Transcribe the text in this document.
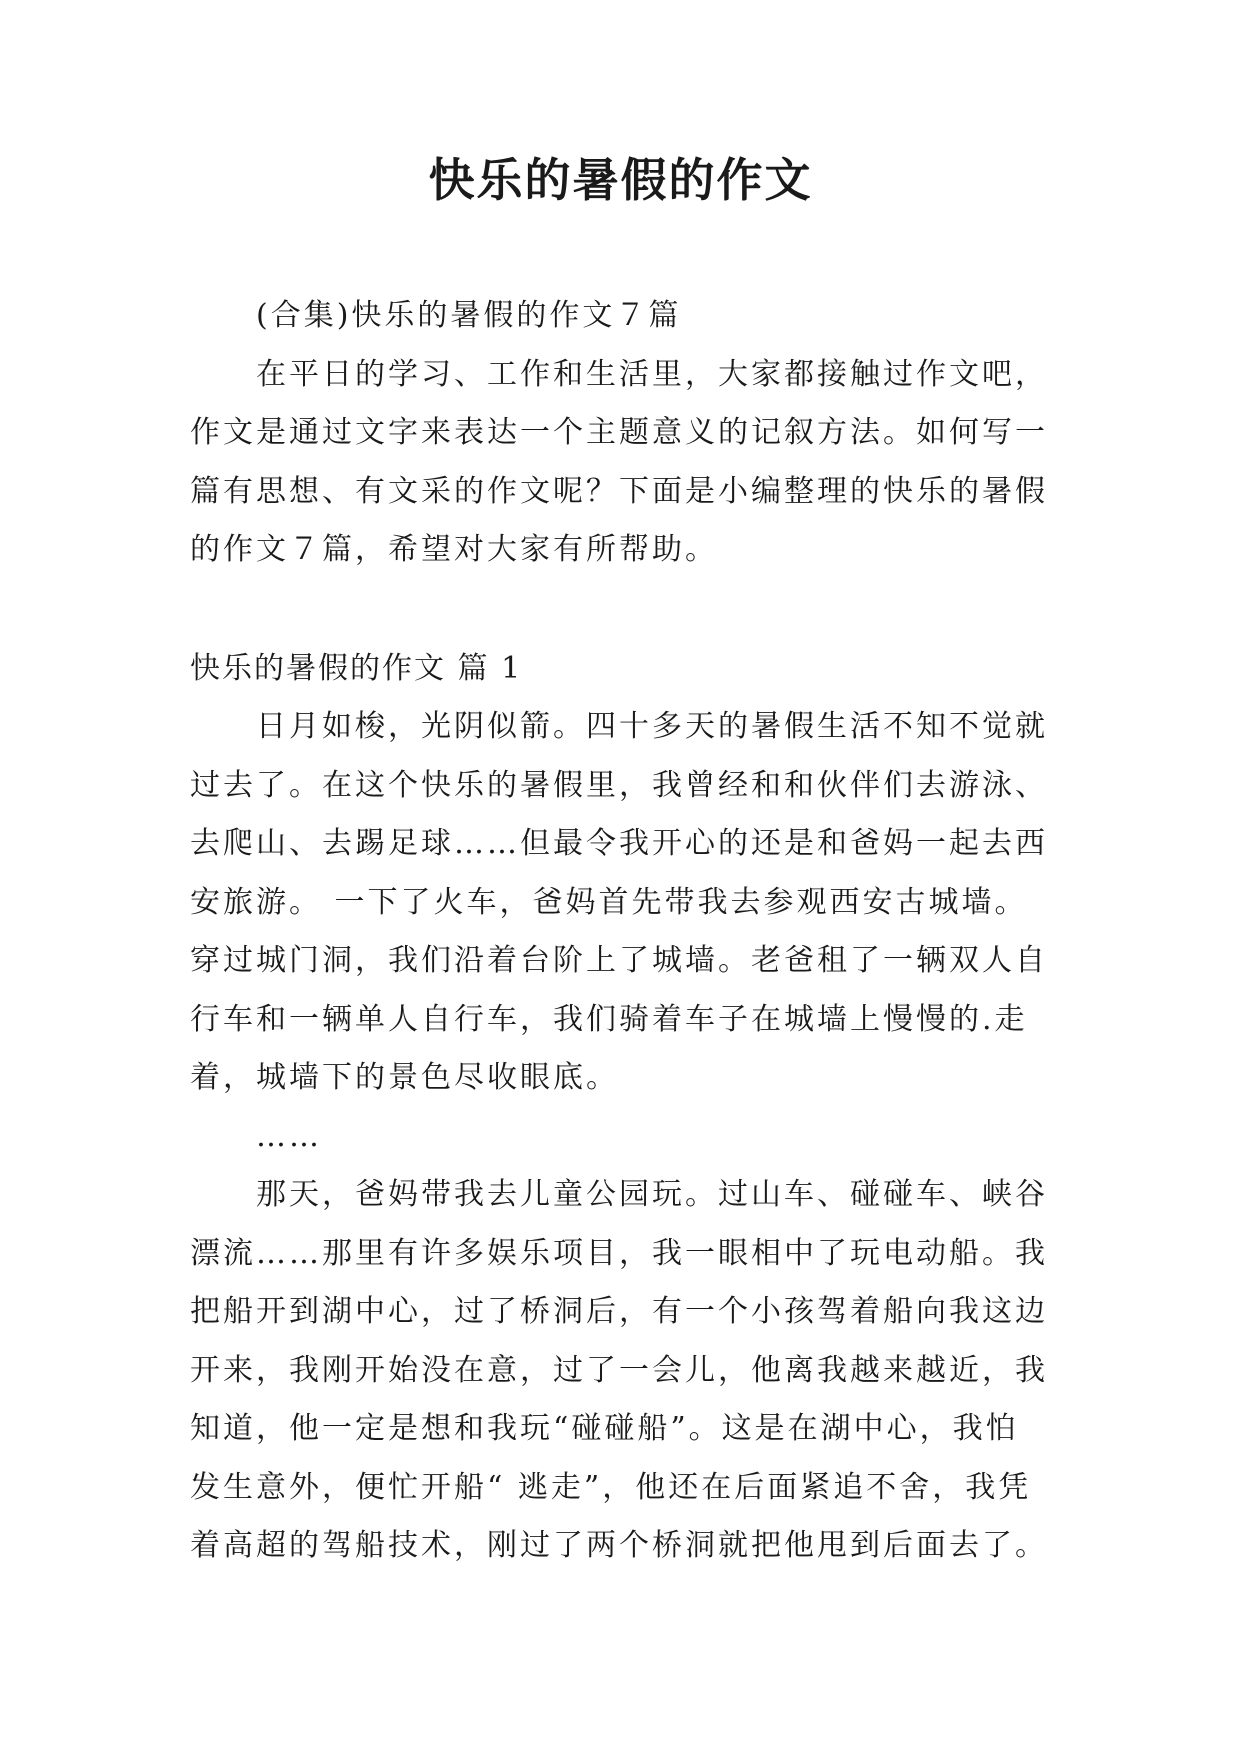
快乐的暑假的作文

(合集)快乐的暑假的作文７篇

在平日的学习、工作和生活里，大家都接触过作文吧，

作文是通过文字来表达一个主题意义的记叙方法。如何写一

篇有思想、有文采的作文呢？下面是小编整理的快乐的暑假

的作文７篇，希望对大家有所帮助。

快乐的暑假的作文 篇 1

日月如梭，光阴似箭。四十多天的暑假生活不知不觉就

过去了。在这个快乐的暑假里，我曾经和和伙伴们去游泳、

去爬山、去踢足球……但最令我开心的还是和爸妈一起去西

安旅游。 一下了火车，爸妈首先带我去参观西安古城墙。

穿过城门洞，我们沿着台阶上了城墙。老爸租了一辆双人自

行车和一辆单人自行车，我们骑着车子在城墙上慢慢的.走

着，城墙下的景色尽收眼底。

……

那天，爸妈带我去儿童公园玩。过山车、碰碰车、峡谷

漂流……那里有许多娱乐项目，我一眼相中了玩电动船。我

把船开到湖中心，过了桥洞后，有一个小孩驾着船向我这边

开来，我刚开始没在意，过了一会儿，他离我越来越近，我

知道，他一定是想和我玩“碰碰船”。这是在湖中心，我怕

发生意外，便忙开船“ 逃走”，他还在后面紧追不舍，我凭

着高超的驾船技术，刚过了两个桥洞就把他甩到后面去了。
